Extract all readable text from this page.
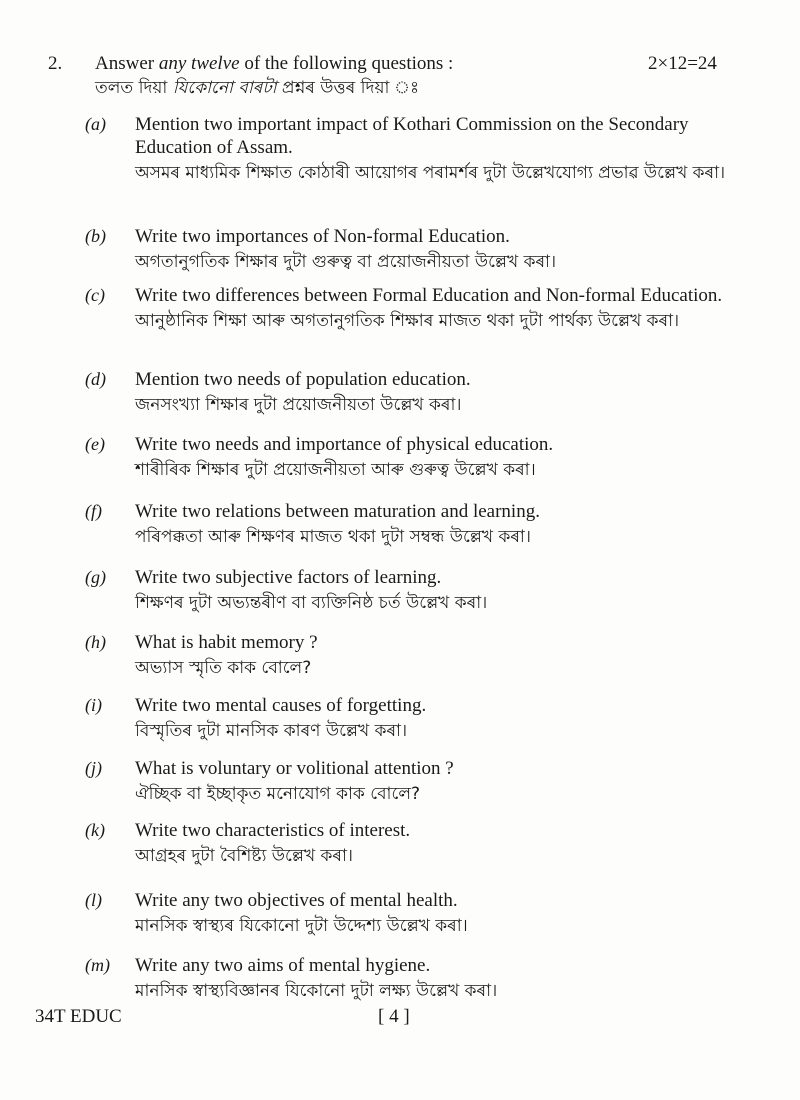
2. Answer any twelve of the following questions :	2×12=24
তলত দিয়া যিকোনো বাৰটা প্ৰশ্নৰ উত্তৰ দিয়া ঃ
(a) Mention two important impact of Kothari Commission on the Secondary Education of Assam.
অসমৰ মাধ্যমিক শিক্ষাত কোঠাৰী আয়োগৰ পৰামৰ্শৰ দুটা উল্লেখযোগ্য প্ৰভাৱ উল্লেখ কৰা।
(b) Write two importances of Non-formal Education.
অগতানুগতিক শিক্ষাৰ দুটা গুৰুত্ব বা প্ৰয়োজনীয়তা উল্লেখ কৰা।
(c) Write two differences between Formal Education and Non-formal Education.
আনুষ্ঠানিক শিক্ষা আৰু অগতানুগতিক শিক্ষাৰ মাজত থকা দুটা পাৰ্থক্য উল্লেখ কৰা।
(d) Mention two needs of population education.
জনসংখ্যা শিক্ষাৰ দুটা প্ৰয়োজনীয়তা উল্লেখ কৰা।
(e) Write two needs and importance of physical education.
শাৰীৰিক শিক্ষাৰ দুটা প্ৰয়োজনীয়তা আৰু গুৰুত্ব উল্লেখ কৰা।
(f) Write two relations between maturation and learning.
পৰিপক্কতা আৰু শিক্ষণৰ মাজত থকা দুটা সম্বন্ধ উল্লেখ কৰা।
(g) Write two subjective factors of learning.
শিক্ষণৰ দুটা অভ্যন্তৰীণ বা ব্যক্তিনিষ্ঠ চৰ্ত উল্লেখ কৰা।
(h) What is habit memory ?
অভ্যাস স্মৃতি কাক বোলে?
(i) Write two mental causes of forgetting.
বিস্মৃতিৰ দুটা মানসিক কাৰণ উল্লেখ কৰা।
(j) What is voluntary or volitional attention ?
ঐচ্ছিক বা ইচ্ছাকৃত মনোযোগ কাক বোলে?
(k) Write two characteristics of interest.
আগ্ৰহৰ দুটা বৈশিষ্ট্য উল্লেখ কৰা।
(l) Write any two objectives of mental health.
মানসিক স্বাস্থ্যৰ যিকোনো দুটা উদ্দেশ্য উল্লেখ কৰা।
(m) Write any two aims of mental hygiene.
মানসিক স্বাস্থ্যবিজ্ঞানৰ যিকোনো দুটা লক্ষ্য উল্লেখ কৰা।
34T EDUC	[ 4 ]
